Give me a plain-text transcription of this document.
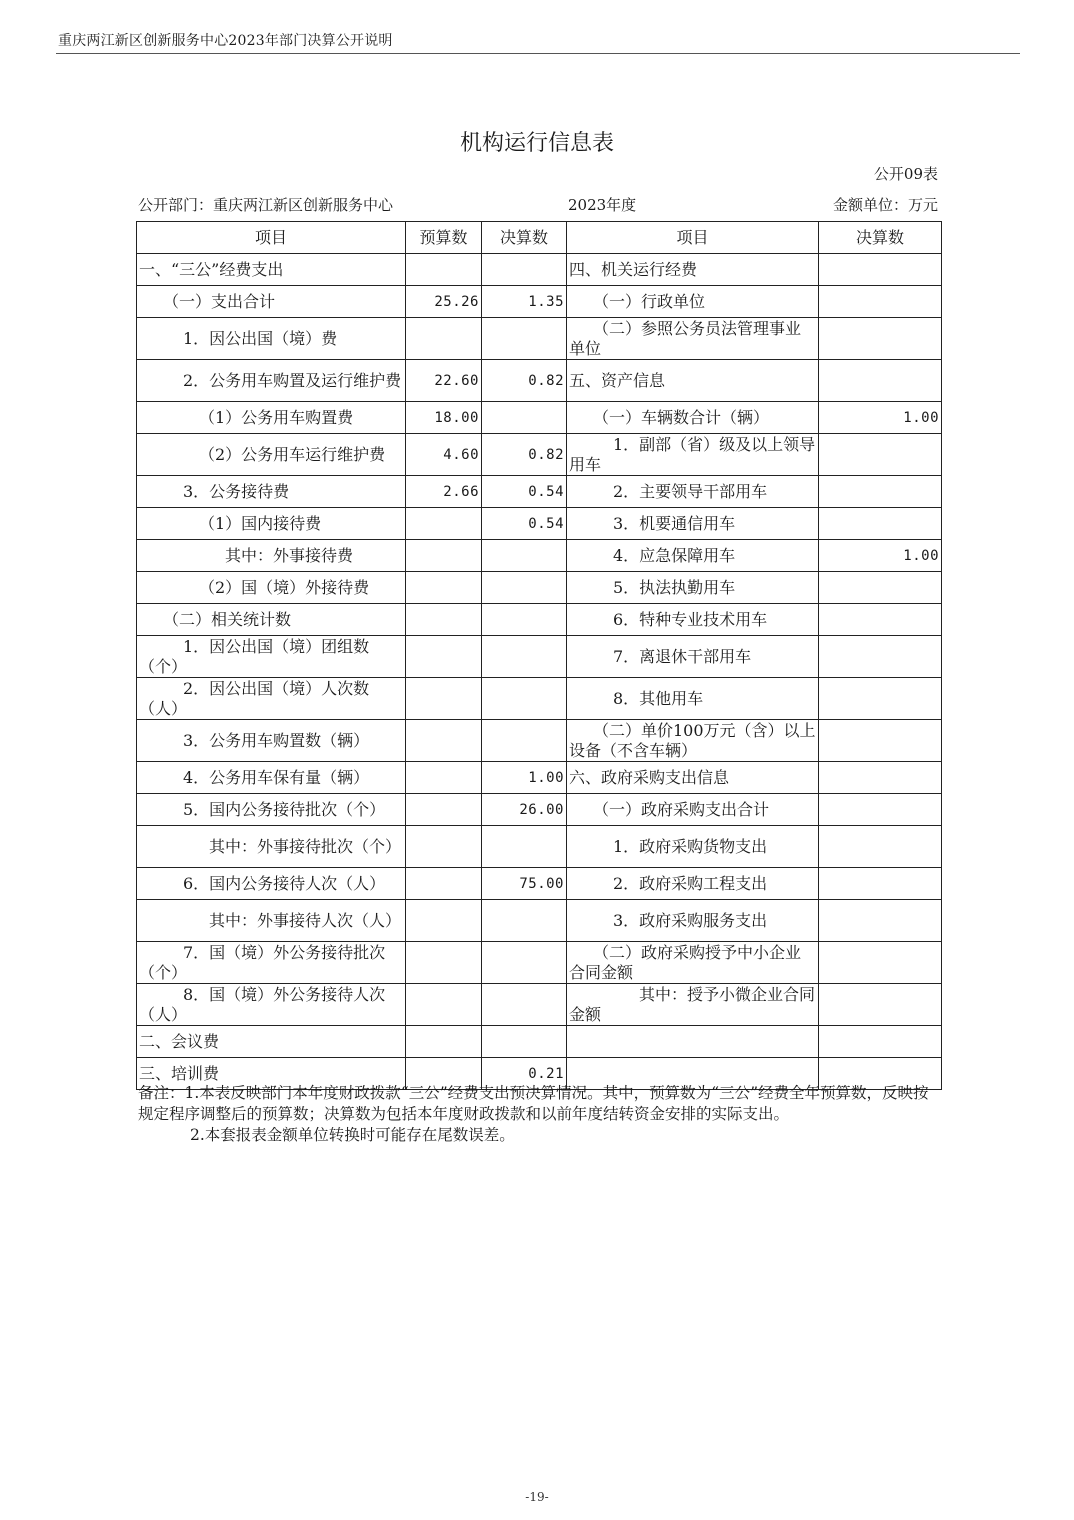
重庆两江新区创新服务中心2023年部门决算公开说明
机构运行信息表
公开09表
公开部门：重庆两江新区创新服务中心	2023年度	金额单位：万元
项目	预算数	决算数	项目	决算数
一、“三公”经费支出			四、机关运行经费	
（一）支出合计	25.26	1.35	（一）行政单位	
1．因公出国（境）费			（二）参照公务员法管理事业单位	
2．公务用车购置及运行维护费	22.60	0.82	五、资产信息	
（1）公务用车购置费	18.00		（一）车辆数合计（辆）	1.00
（2）公务用车运行维护费	4.60	0.82	1．副部（省）级及以上领导用车	
3．公务接待费	2.66	0.54	2．主要领导干部用车	
（1）国内接待费		0.54	3．机要通信用车	
其中：外事接待费			4．应急保障用车	1.00
（2）国（境）外接待费			5．执法执勤用车	
（二）相关统计数			6．特种专业技术用车	
1．因公出国（境）团组数（个）			7．离退休干部用车	
2．因公出国（境）人次数（人）			8．其他用车	
3．公务用车购置数（辆）			（二）单价100万元（含）以上设备（不含车辆）	
4．公务用车保有量（辆）		1.00	六、政府采购支出信息	
5．国内公务接待批次（个）		26.00	（一）政府采购支出合计	
其中：外事接待批次（个）			1．政府采购货物支出	
6．国内公务接待人次（人）		75.00	2．政府采购工程支出	
其中：外事接待人次（人）			3．政府采购服务支出	
7．国（境）外公务接待批次（个）			（二）政府采购授予中小企业合同金额	
8．国（境）外公务接待人次（人）			其中：授予小微企业合同金额	
二、会议费				
三、培训费		0.21		
备注：1.本表反映部门本年度财政拨款“三公”经费支出预决算情况。其中，预算数为“三公”经费全年预算数，反映按规定程序调整后的预算数；决算数为包括本年度财政拨款和以前年度结转资金安排的实际支出。
2.本套报表金额单位转换时可能存在尾数误差。
-19-
